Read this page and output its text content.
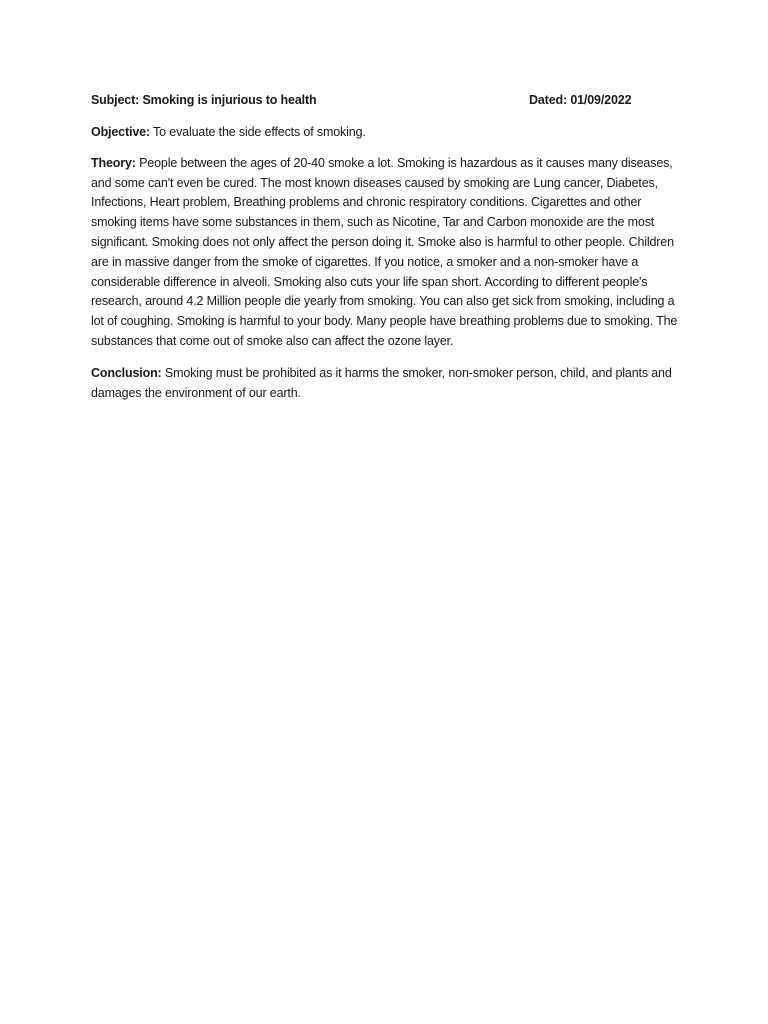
Subject: Smoking is injurious to health	Dated: 01/09/2022

Objective: To evaluate the side effects of smoking.

Theory: People between the ages of 20-40 smoke a lot. Smoking is hazardous as it causes many diseases, and some can't even be cured. The most known diseases caused by smoking are Lung cancer, Diabetes, Infections, Heart problem, Breathing problems and chronic respiratory conditions. Cigarettes and other smoking items have some substances in them, such as Nicotine, Tar and Carbon monoxide are the most significant. Smoking does not only affect the person doing it. Smoke also is harmful to other people. Children are in massive danger from the smoke of cigarettes. If you notice, a smoker and a non-smoker have a considerable difference in alveoli. Smoking also cuts your life span short. According to different people's research, around 4.2 Million people die yearly from smoking. You can also get sick from smoking, including a lot of coughing. Smoking is harmful to your body. Many people have breathing problems due to smoking. The substances that come out of smoke also can affect the ozone layer.

Conclusion: Smoking must be prohibited as it harms the smoker, non-smoker person, child, and plants and damages the environment of our earth.
